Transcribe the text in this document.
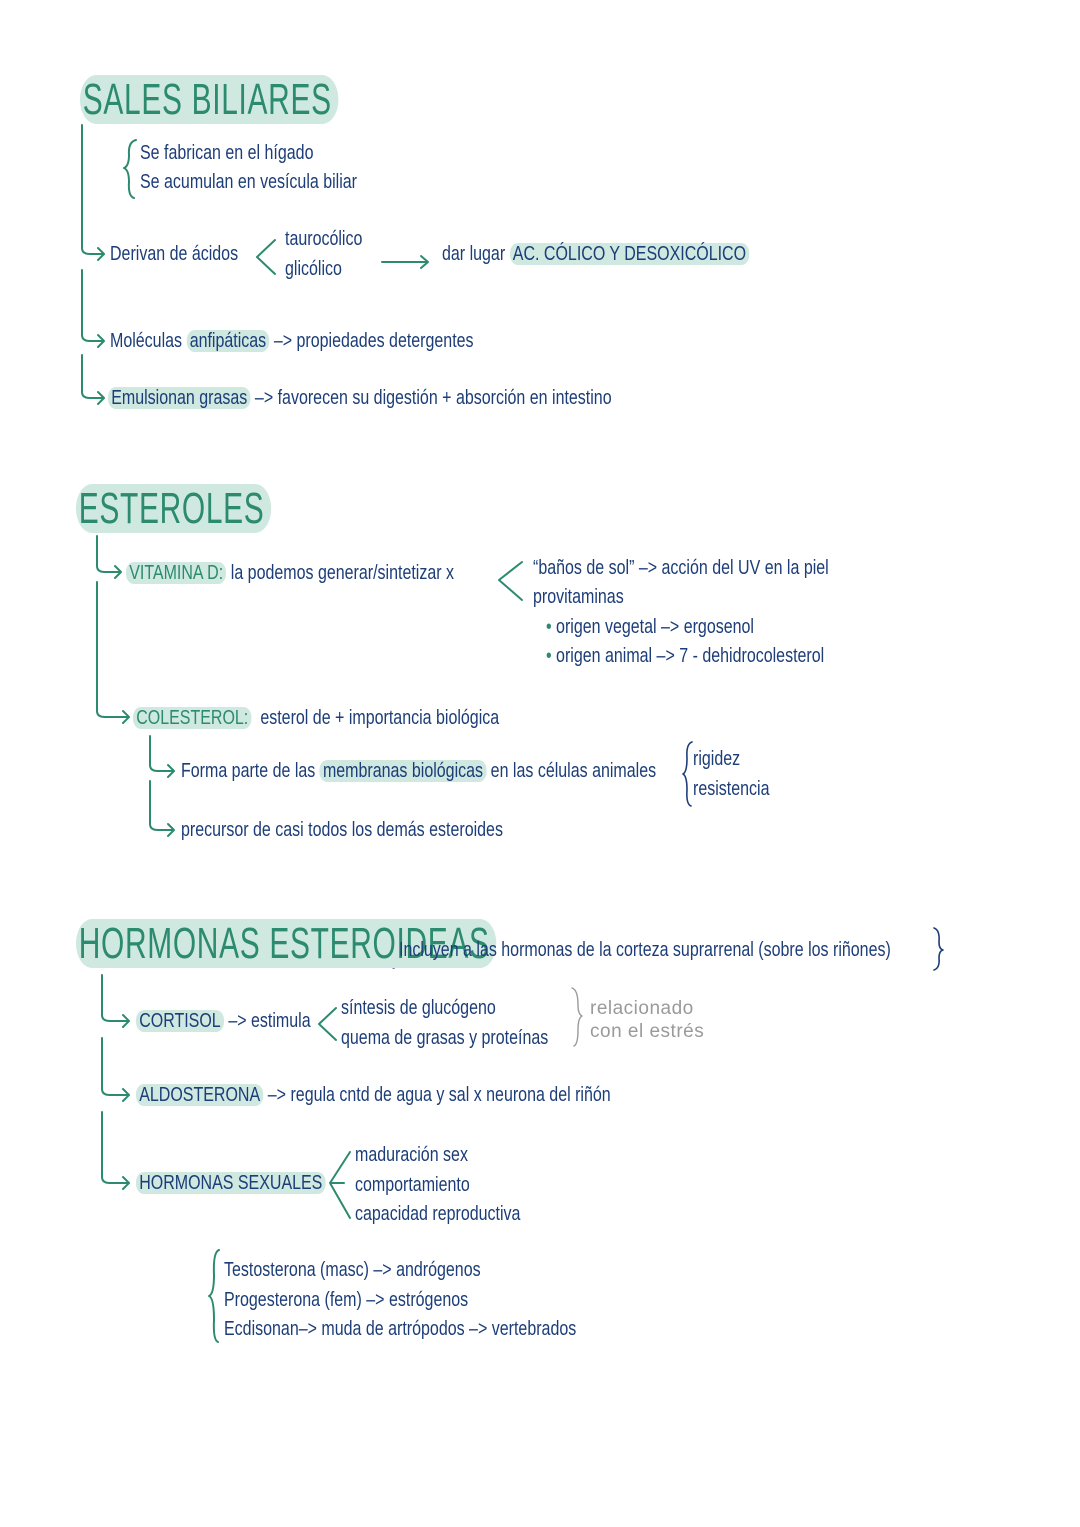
SALES BILIARES
Se fabrican en el hígado
Se acumulan en vesícula biliar
Derivan de ácidos
taurocólico
glicólico
dar lugar AC. CÓLICO Y DESOXICÓLICO
Moléculas anfipáticas –> propiedades detergentes
Emulsionan grasas –> favorecen su digestión + absorción en intestino
ESTEROLES
VITAMINA D: la podemos generar/sintetizar x	“baños de sol” –> acción del UV en la piel
provitaminas
• origen vegetal –> ergosenol
• origen animal –> 7 - dehidrocolesterol
COLESTEROL: esterol de + importancia biológica
Forma parte de las membranas biológicas en las células animales
rigidez
resistencia
precursor de casi todos los demás esteroides
HORMONAS ESTEROIDEAS
Incluyen a las hormonas de la corteza suprarrenal (sobre los riñones)
CORTISOL –> estimula
síntesis de glucógeno
quema de grasas y proteínas
relacionado
con el estrés
ALDOSTERONA –> regula cntd de agua y sal x neurona del riñón
HORMONAS SEXUALES
maduración sex
comportamiento
capacidad reproductiva
Testosterona (masc) –> andrógenos
Progesterona (fem) –> estrógenos
Ecdisonan–> muda de artrópodos –> vertebrados
